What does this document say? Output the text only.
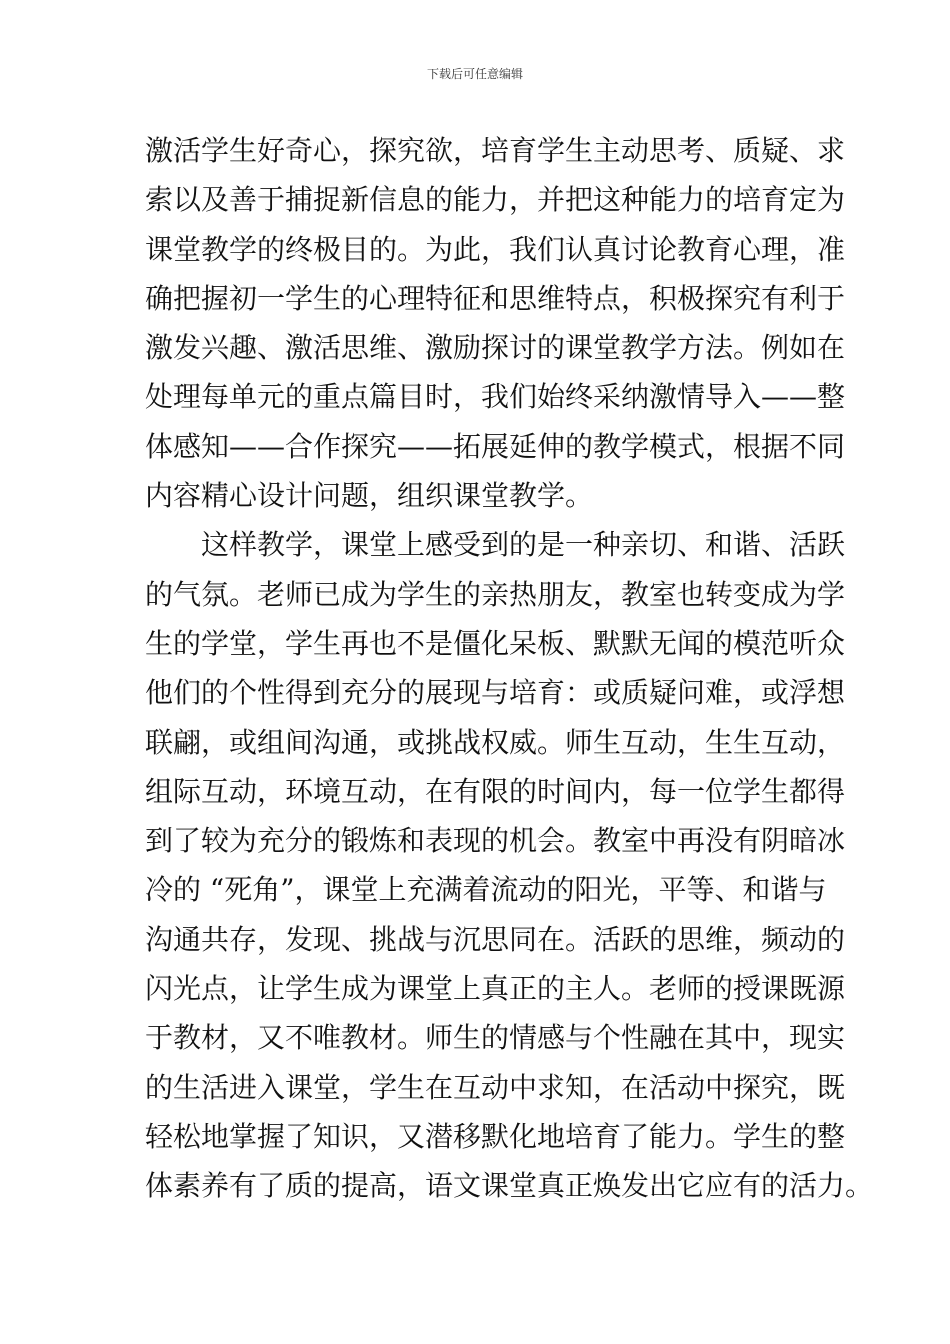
下载后可任意编辑
激活学生好奇心，探究欲，培育学生主动思考、质疑、求
索以及善于捕捉新信息的能力，并把这种能力的培育定为
课堂教学的终极目的。为此，我们认真讨论教育心理，准
确把握初一学生的心理特征和思维特点，积极探究有利于
激发兴趣、激活思维、激励探讨的课堂教学方法。例如在
处理每单元的重点篇目时，我们始终采纳激情导入——整
体感知——合作探究——拓展延伸的教学模式，根据不同
内容精心设计问题，组织课堂教学。
　　这样教学，课堂上感受到的是一种亲切、和谐、活跃
的气氛。老师已成为学生的亲热朋友，教室也转变成为学
生的学堂，学生再也不是僵化呆板、默默无闻的模范听众
他们的个性得到充分的展现与培育：或质疑问难，或浮想
联翩，或组间沟通，或挑战权威。师生互动，生生互动，
组际互动，环境互动，在有限的时间内，每一位学生都得
到了较为充分的锻炼和表现的机会。教室中再没有阴暗冰
冷的 “死角”，课堂上充满着流动的阳光，平等、和谐与
沟通共存，发现、挑战与沉思同在。活跃的思维，频动的
闪光点，让学生成为课堂上真正的主人。老师的授课既源
于教材，又不唯教材。师生的情感与个性融在其中，现实
的生活进入课堂，学生在互动中求知，在活动中探究，既
轻松地掌握了知识，又潜移默化地培育了能力。学生的整
体素养有了质的提高，语文课堂真正焕发出它应有的活力。
